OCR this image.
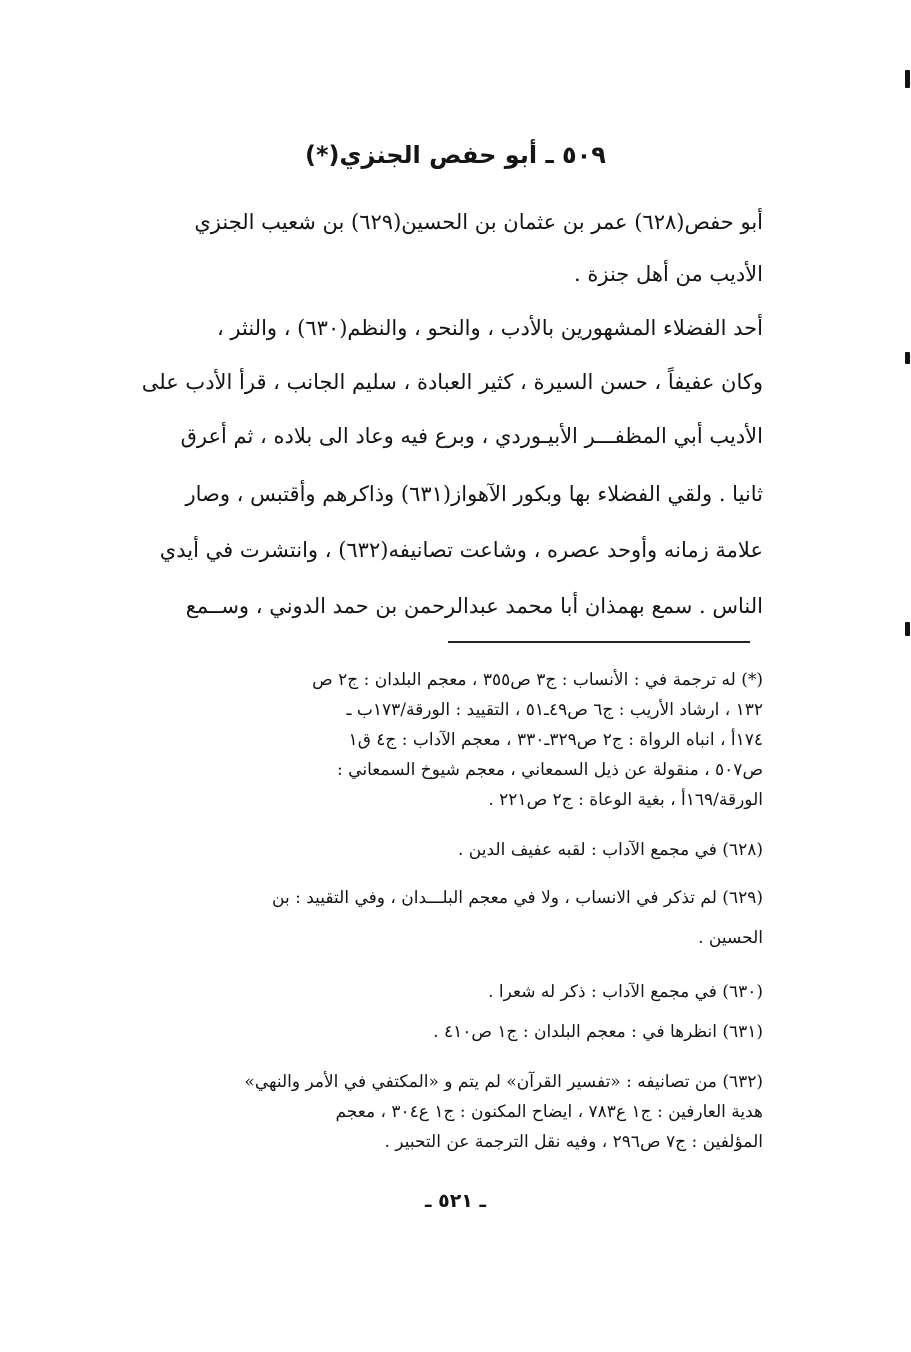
٥٠٩ ـ أبو حفص الجنزي(*)
أبو حفص(٦٢٨) عمر بن عثمان بن الحسين(٦٢٩) بن شعيب الجنزي
الأديب من أهل جنزة .
أحد الفضلاء المشهورين بالأدب ، والنحو ، والنظم(٦٣٠) ، والنثر ،
وكان عفيفاً ، حسن السيرة ، كثير العبادة ، سليم الجانب ، قرأ الأدب على
الأديب أبي المظفـــر الأبيـوردي ، وبرع فيه وعاد الى بلاده ، ثم أعرق
ثانيا . ولقي الفضلاء بها وبكور الآهواز(٦٣١) وذاكرهم وأقتبس ، وصار
علامة زمانه وأوحد عصره ، وشاعت تصانيفه(٦٣٢) ، وانتشرت في أيدي
الناس . سمع بهمذان أبا محمد عبدالرحمن بن حمد الدوني ، وســمع
(*) له ترجمة في : الأنساب : ج٣ ص٣٥٥ ، معجم البلدان : ج٢ ص
١٣٢ ، ارشاد الأريب : ج٦ ص٤٩ـ٥١ ، التقييد : الورقة/١٧٣ب ـ
١٧٤أ ، انباه الرواة : ج٢ ص٣٢٩ـ٣٣٠ ، معجم الآداب : ج٤ ق١
ص٥٠٧ ، منقولة عن ذيل السمعاني ، معجم شيوخ السمعاني :
الورقة/١٦٩أ ، بغية الوعاة : ج٢ ص٢٢١ .
(٦٢٨) في مجمع الآداب : لقبه عفيف الدين .
(٦٢٩) لم تذكر في الانساب ، ولا في معجم البلـــدان ، وفي التقييد : بن
الحسين .
(٦٣٠) في مجمع الآداب : ذكر له شعرا .
(٦٣١) انظرها في : معجم البلدان : ج١ ص٤١٠ .
(٦٣٢) من تصانيفه : «تفسير القرآن» لم يتم و «المكتفي في الأمر والنهي»
هدية العارفين : ج١ ع٧٨٣ ، ايضاح المكنون : ج١ ع٣٠٤ ، معجم
المؤلفين : ج٧ ص٢٩٦ ، وفيه نقل الترجمة عن التحبير .
ـ ٥٢١ ـ
